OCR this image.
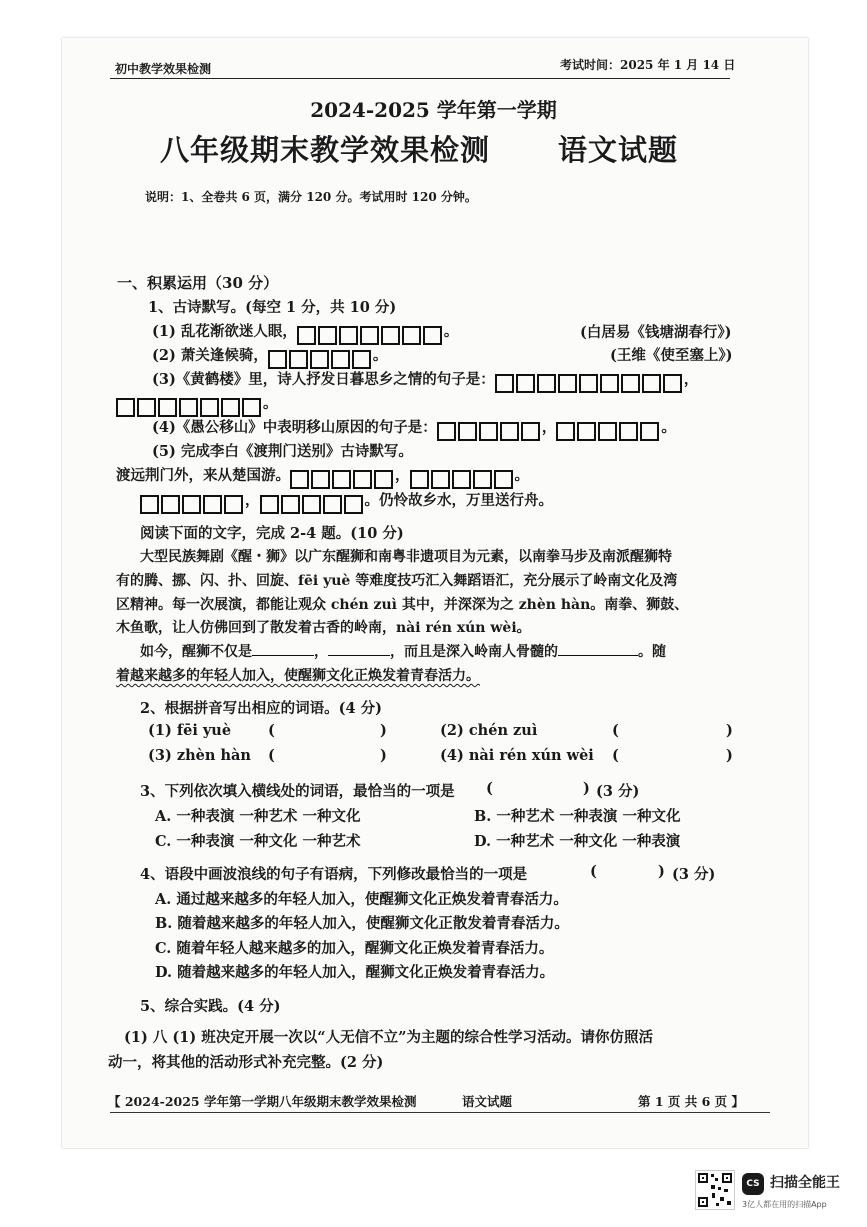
初中教学效果检测	考试时间：2025 年 1 月 14 日
2024-2025 学年第一学期
八年级期末教学效果检测 语文试题
说明：1、全卷共 6 页，满分 120 分。考试用时 120 分钟。
一、积累运用（30 分）
1、古诗默写。(每空 1 分，共 10 分)
(1) 乱花渐欲迷人眼，	。	(白居易《钱塘湖春行》)
(2) 萧关逢候骑，	。	(王维《使至塞上》)
(3)《黄鹤楼》里，诗人抒发日暮思乡之情的句子是：	，
。
(4)《愚公移山》中表明移山原因的句子是：	，	。
(5) 完成李白《渡荆门送别》古诗默写。
渡远荆门外，来从楚国游。	，	。
，	。仍怜故乡水，万里送行舟。
阅读下面的文字，完成 2-4 题。(10 分)
大型民族舞剧《醒・狮》以广东醒狮和南粤非遗项目为元素，以南拳马步及南派醒狮特
有的腾、挪、闪、扑、回旋、fēi yuè 等难度技巧汇入舞蹈语汇，充分展示了岭南文化及湾
区精神。每一次展演，都能让观众 chén zuì 其中，并深深为之 zhèn hàn。南拳、狮鼓、
木鱼歌，让人仿佛回到了散发着古香的岭南，nài rén xún wèi。
如今，醒狮不仅是	，	，而且是深入岭南人骨髓的	。随
着越来越多的年轻人加入，使醒狮文化正焕发着青春活力。
2、根据拼音写出相应的词语。(4 分)
(1) fēi yuè	(	)	(2) chén zuì	(	)
(3) zhèn hàn (	)	(4) nài rén xún wèi (	)
3、下列依次填入横线处的词语，最恰当的一项是 (	) (3 分)
A. 一种表演 一种艺术 一种文化	B. 一种艺术 一种表演 一种文化
C. 一种表演 一种文化 一种艺术	D. 一种艺术 一种文化 一种表演
4、语段中画波浪线的句子有语病，下列修改最恰当的一项是	(	) (3 分)
A. 通过越来越多的年轻人加入，使醒狮文化正焕发着青春活力。
B. 随着越来越多的年轻人加入，使醒狮文化正散发着青春活力。
C. 随着年轻人越来越多的加入，醒狮文化正焕发着青春活力。
D. 随着越来越多的年轻人加入，醒狮文化正焕发着青春活力。
5、综合实践。(4 分)
(1) 八 (1) 班决定开展一次以“人无信不立”为主题的综合性学习活动。请你仿照活
动一，将其他的活动形式补充完整。(2 分)
【 2024-2025 学年第一学期八年级期末教学效果检测	语文试题	第 1 页 共 6 页 】
CS 扫描全能王
3亿人都在用的扫描App
